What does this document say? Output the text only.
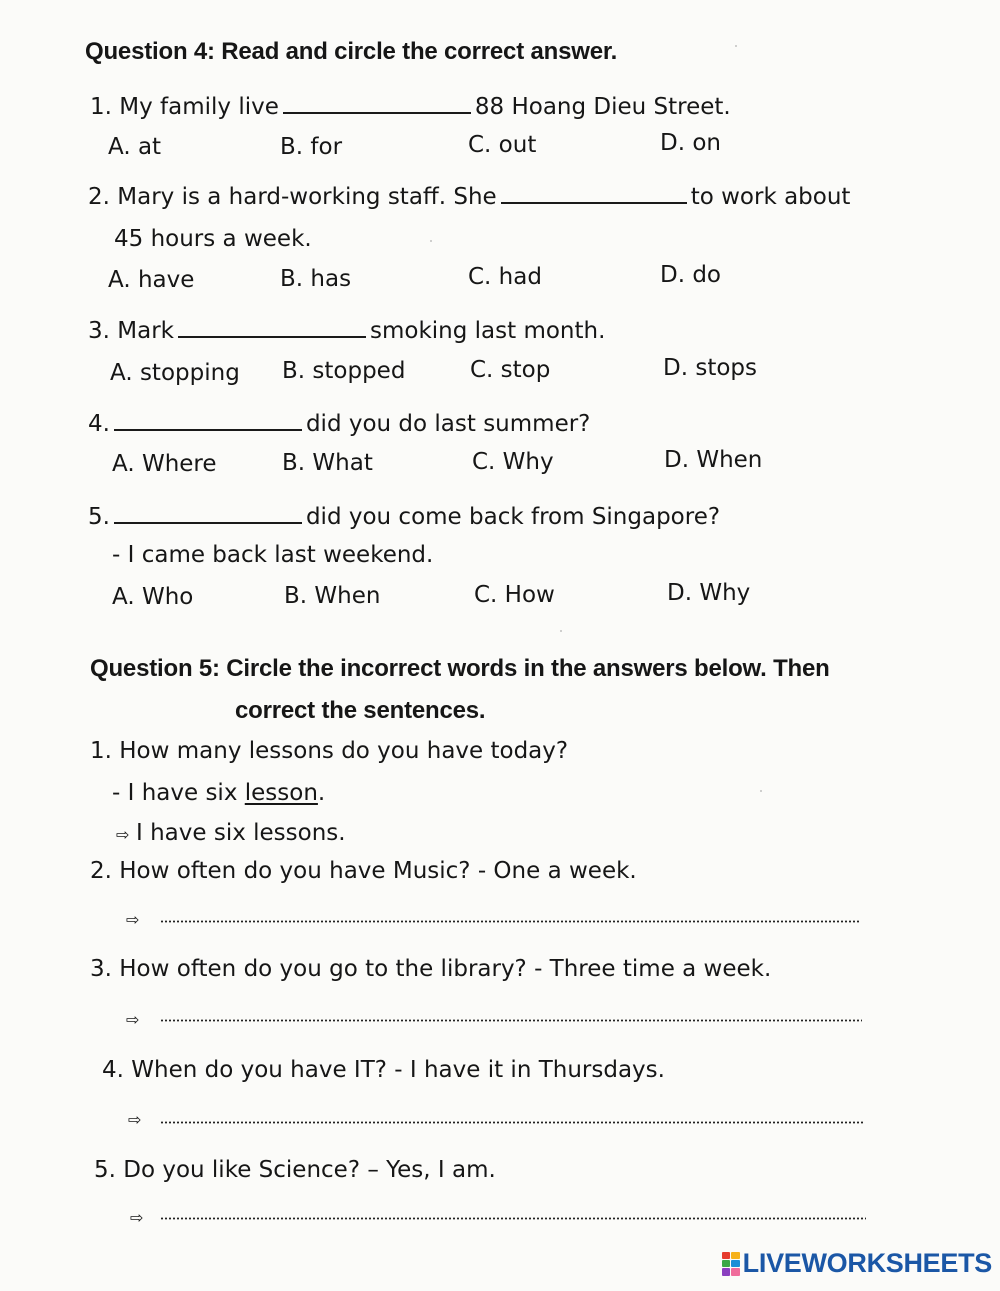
Question 4: Read and circle the correct answer.
1. My family live	88 Hoang Dieu Street.
A. at	B. for	C. out	D. on
2. Mary is a hard-working staff. She	to work about
45 hours a week.
A. have	B. has	C. had	D. do
3. Mark	smoking last month.
A. stopping B. stopped	C. stop	D. stops
4.	did you do last summer?
A. Where	B. What	C. Why	D. When
5.	did you come back from Singapore?
- I came back last weekend.
A. Who	B. When	C. How	D. Why
Question 5: Circle the incorrect words in the answers below. Then
correct the sentences.
1. How many lessons do you have today?
- I have six lesson.
⇨ I have six lessons.
2. How often do you have Music? - One a week.
⇨
3. How often do you go to the library? - Three time a week.
⇨
4. When do you have IT? - I have it in Thursdays.
⇨
5. Do you like Science? – Yes, I am.
⇨
LIVEWORKSHEETS
